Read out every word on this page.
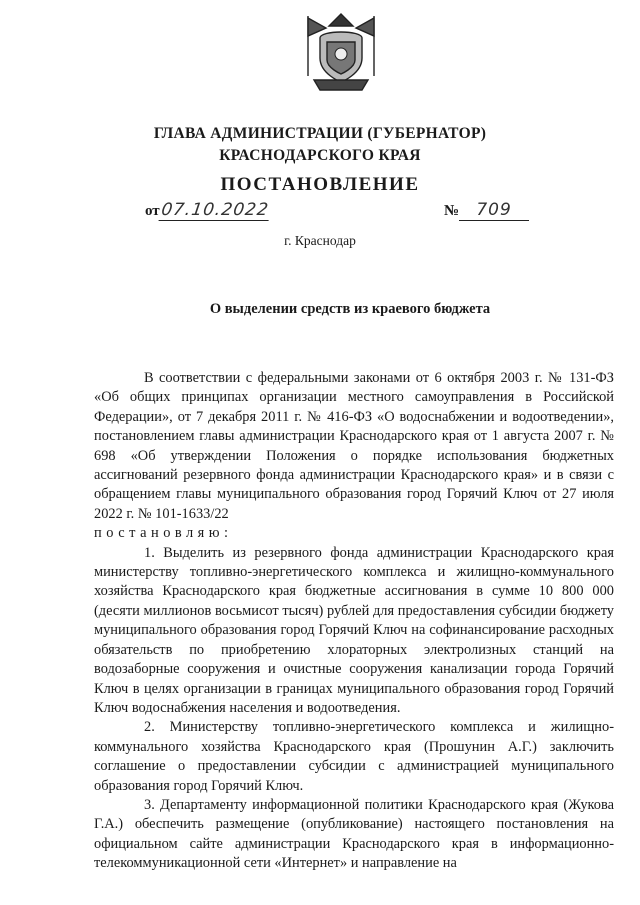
ГЛАВА АДМИНИСТРАЦИИ (ГУБЕРНАТОР)
КРАСНОДАРСКОГО КРАЯ
ПОСТАНОВЛЕНИЕ
от07.10.2022	№ 709
г. Краснодар
О выделении средств из краевого бюджета

В соответствии с федеральными законами от 6 октября 2003 г. № 131-ФЗ «Об общих принципах организации местного самоуправления в Российской Федерации», от 7 декабря 2011 г. № 416-ФЗ «О водоснабжении и водоотведении», постановлением главы администрации Краснодарского края от 1 августа 2007 г. № 698 «Об утверждении Положения о порядке использования бюджетных ассигнований резервного фонда администрации Краснодарского края» и в связи с обращением главы муниципального образования город Горячий Ключ от 27 июля 2022 г. № 101-1633/22

постановляю:

1. Выделить из резервного фонда администрации Краснодарского края министерству топливно-энергетического комплекса и жилищно-коммунального хозяйства Краснодарского края бюджетные ассигнования в сумме 10 800 000 (десяти миллионов восьмисот тысяч) рублей для предоставления субсидии бюджету муниципального образования город Горячий Ключ на софинансирование расходных обязательств по приобретению хлораторных электролизных станций на водозаборные сооружения и очистные сооружения канализации города Горячий Ключ в целях организации в границах муниципального образования город Горячий Ключ водоснабжения населения и водоотведения.

2. Министерству топливно-энергетического комплекса и жилищно-коммунального хозяйства Краснодарского края (Прошунин А.Г.) заключить соглашение о предоставлении субсидии с администрацией муниципального образования город Горячий Ключ.

3. Департаменту информационной политики Краснодарского края (Жукова Г.А.) обеспечить размещение (опубликование) настоящего постановления на официальном сайте администрации Краснодарского края в информационно-телекоммуникационной сети «Интернет» и направление на
